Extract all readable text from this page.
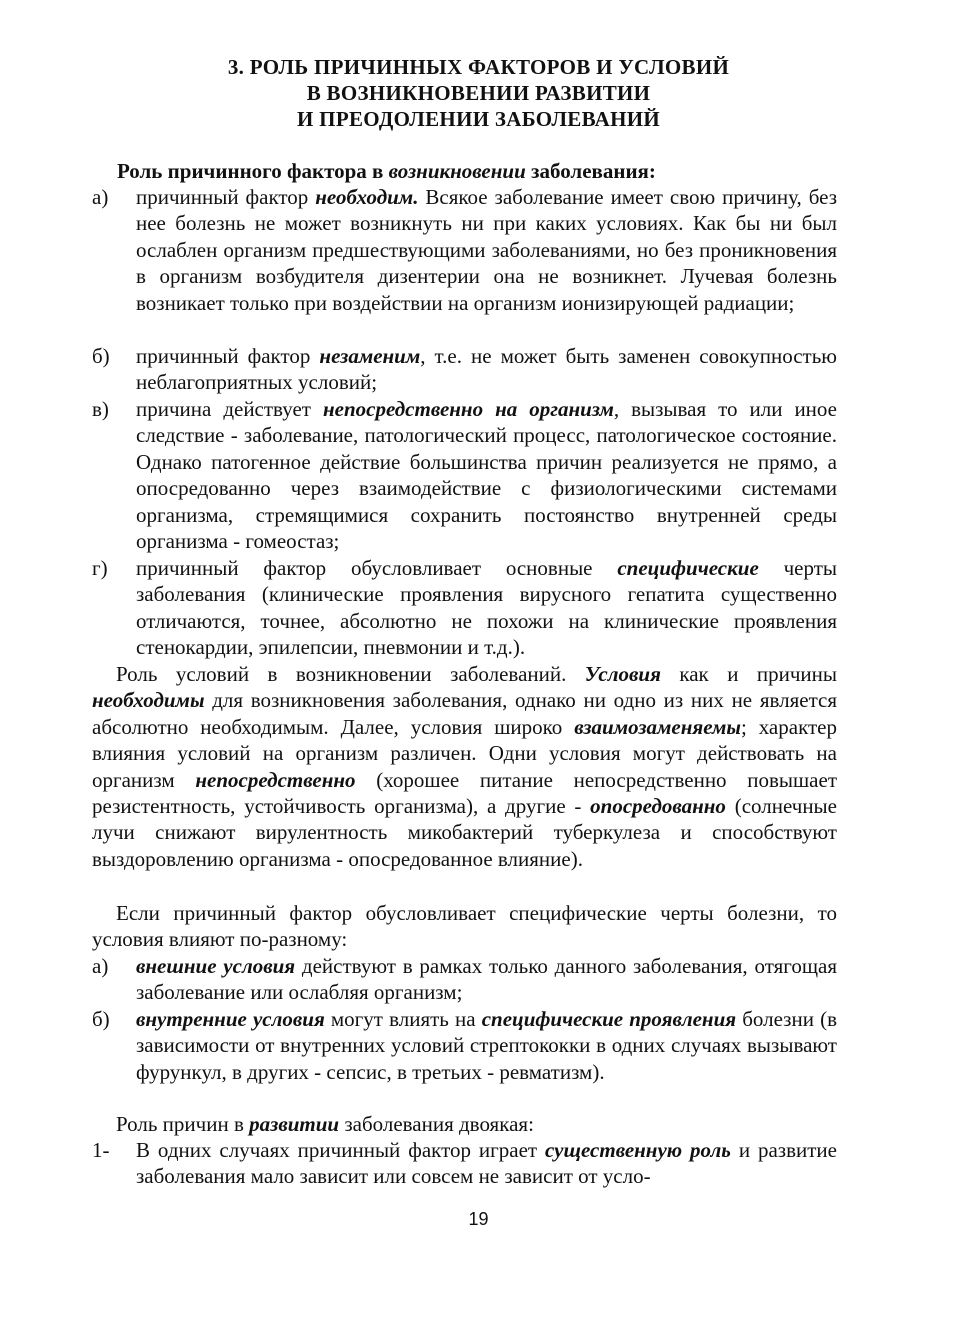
3. РОЛЬ ПРИЧИННЫХ ФАКТОРОВ И УСЛОВИЙ
В ВОЗНИКНОВЕНИИ РАЗВИТИИ
И ПРЕОДОЛЕНИИ ЗАБОЛЕВАНИЙ
Роль причинного фактора в возникновении заболевания:
а)	причинный фактор необходим. Всякое заболевание имеет свою причину, без нее болезнь не может возникнуть ни при каких условиях. Как бы ни был ослаблен организм предшествующими заболеваниями, но без проникновения в организм возбудителя дизентерии она не возникнет. Лучевая болезнь возникает только при воздействии на организм ионизирующей радиации;
б)	причинный фактор незаменим, т.е. не может быть заменен совокупностью неблагоприятных условий;
в)	причина действует непосредственно на организм, вызывая то или иное следствие - заболевание, патологический процесс, патологическое состояние. Однако патогенное действие большинства причин реализуется не прямо, а опосредованно через взаимодействие с физиологическими системами организма, стремящимися сохранить постоянство внутренней среды организма - гомеостаз;
г)	причинный фактор обусловливает основные специфические черты заболевания (клинические проявления вирусного гепатита существенно отличаются, точнее, абсолютно не похожи на клинические проявления стенокардии, эпилепсии, пневмонии и т.д.).
Роль условий в возникновении заболеваний. Условия как и причины необходимы для возникновения заболевания, однако ни одно из них не является абсолютно необходимым. Далее, условия широко взаимозаменяемы; характер влияния условий на организм различен. Одни условия могут действовать на организм непосредственно (хорошее питание непосредственно повышает резистентность, устойчивость организма), а другие - опосредованно (солнечные лучи снижают вирулентность микобактерий туберкулеза и способствуют выздоровлению организма - опосредованное влияние).
Если причинный фактор обусловливает специфические черты болезни, то условия влияют по-разному:
а)	внешние условия действуют в рамках только данного заболевания, отягощая заболевание или ослабляя организм;
б)	внутренние условия могут влиять на специфические проявления болезни (в зависимости от внутренних условий стрептококки в одних случаях вызывают фурункул, в других - сепсис, в третьих - ревматизм).
Роль причин в развитии заболевания двоякая:
1-	В одних случаях причинный фактор играет существенную роль и развитие заболевания мало зависит или совсем не зависит от усло-
19
